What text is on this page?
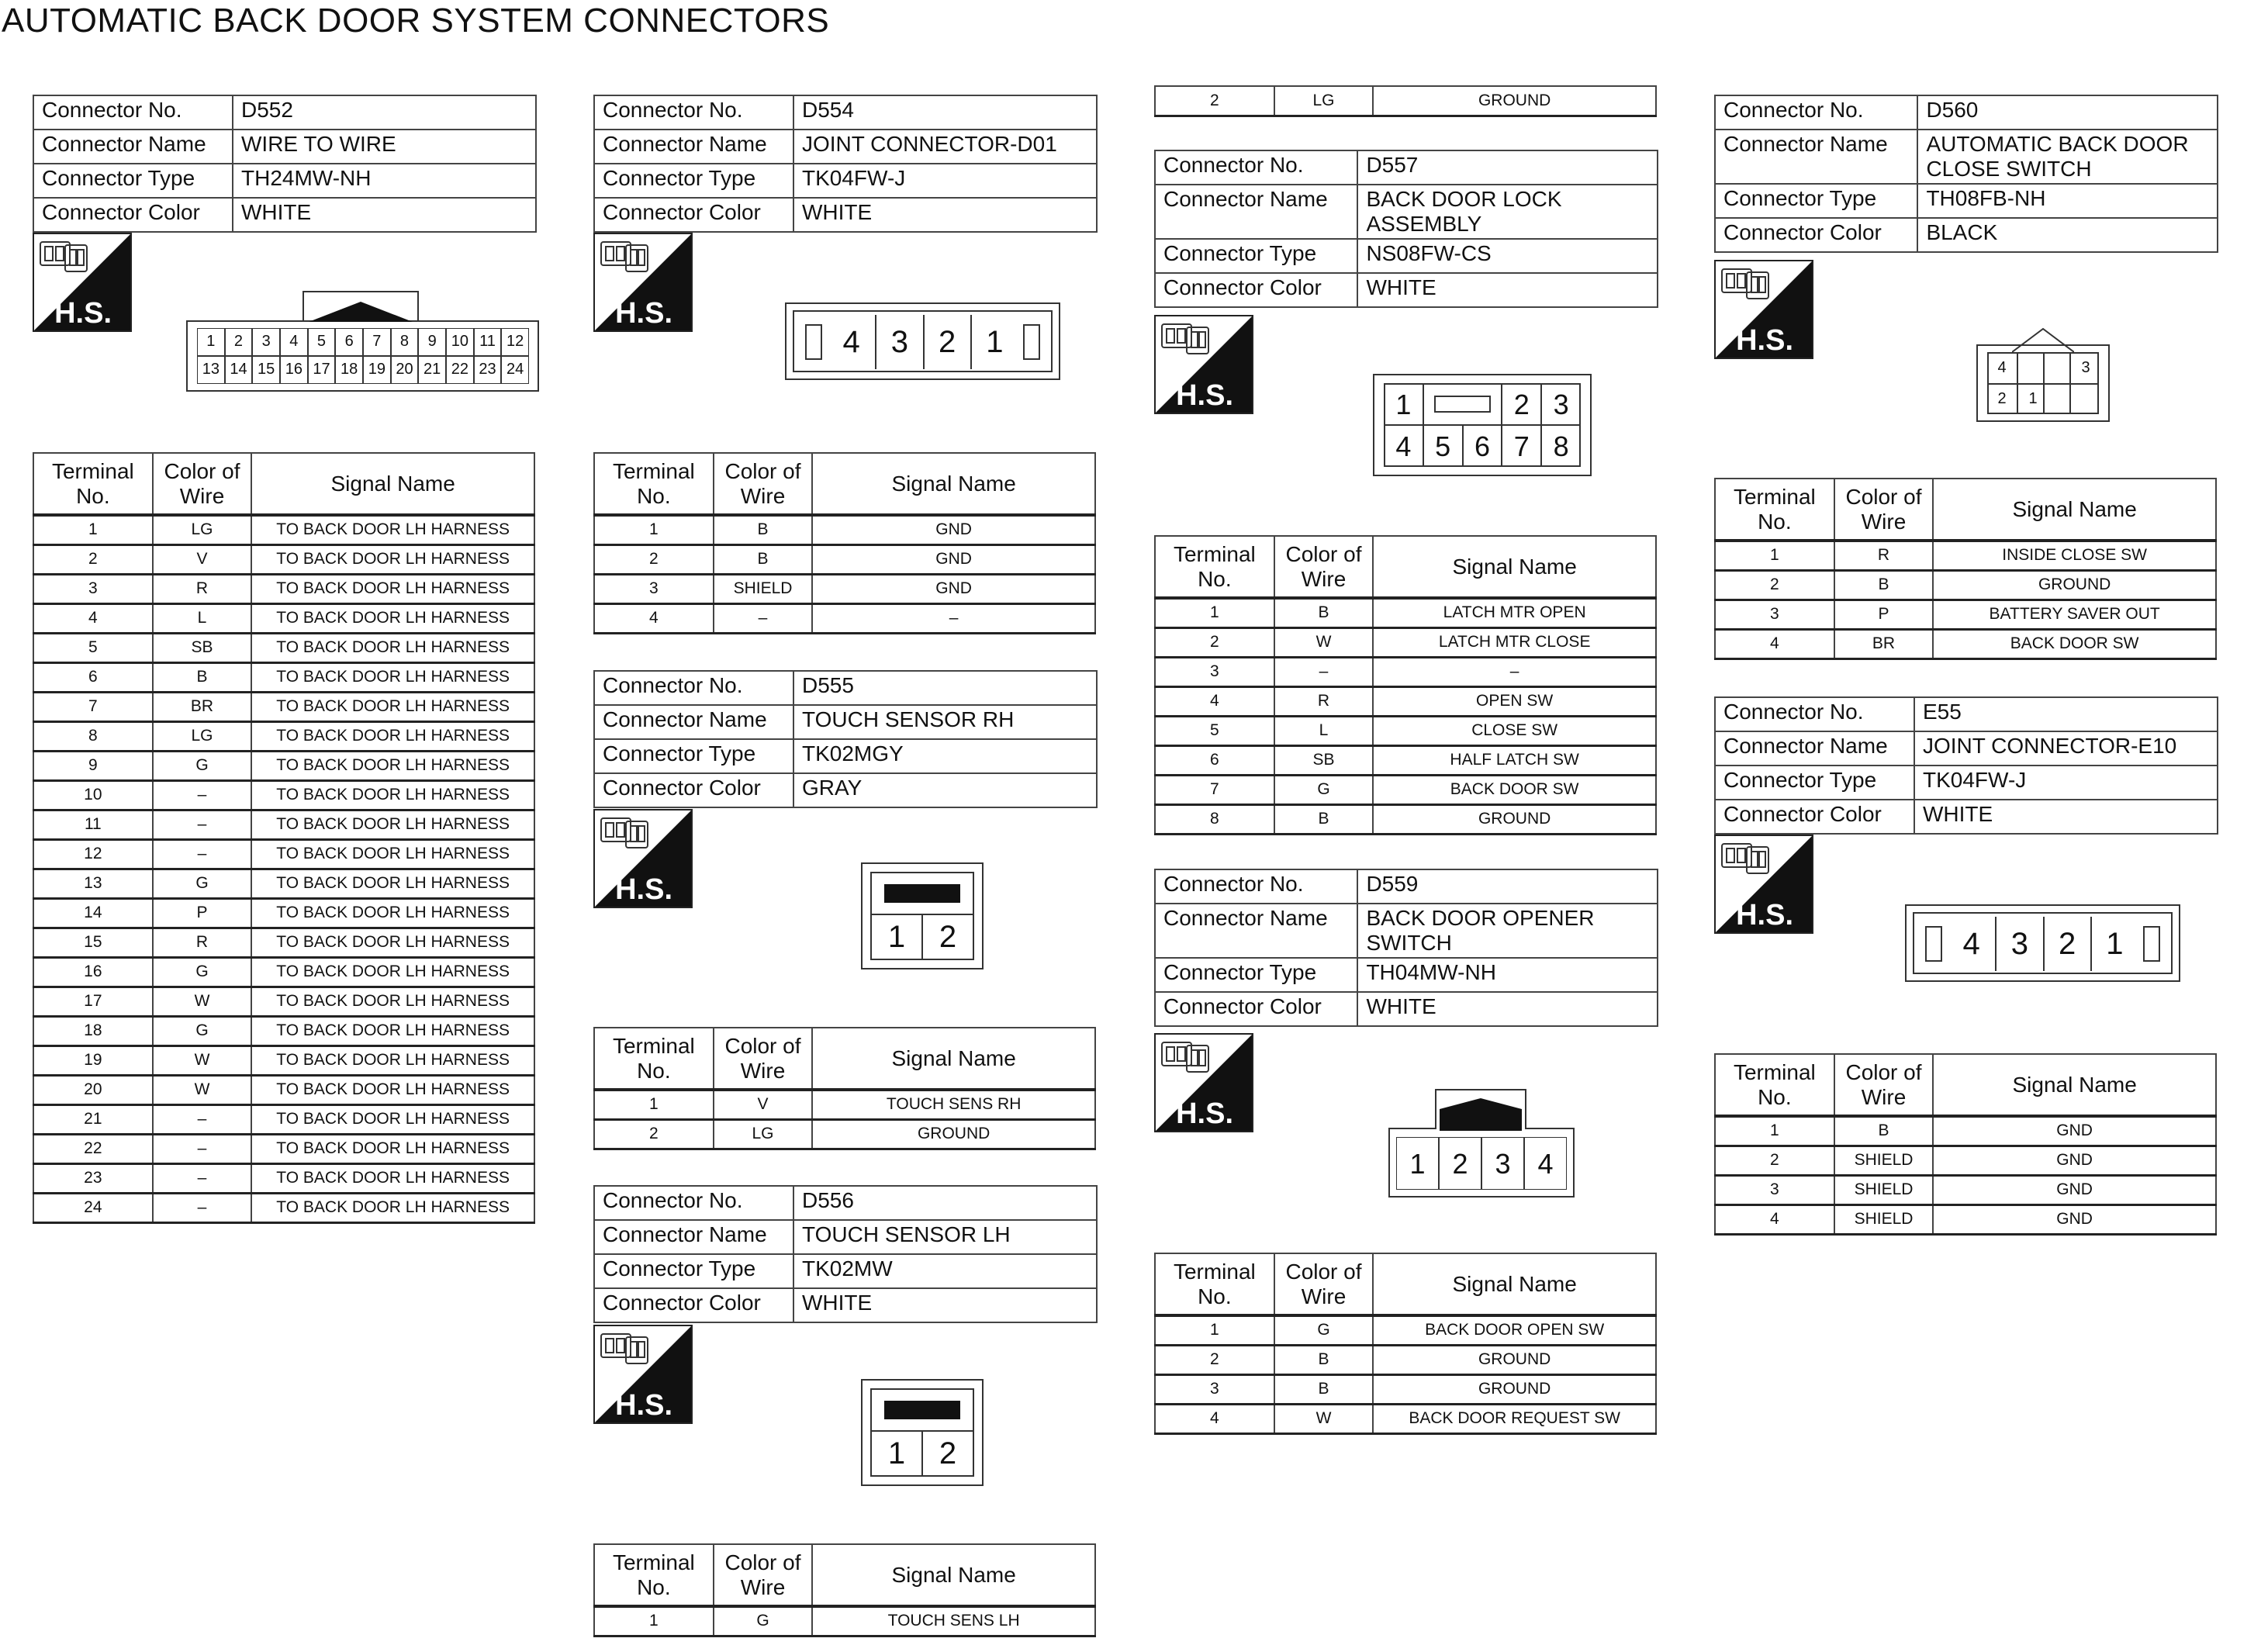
AUTOMATIC BACK DOOR SYSTEM CONNECTORS
Connector No.	D552
Connector Name	WIRE TO WIRE
Connector Type	TH24MW-NH
Connector Color	WHITE
H.S.
1	2	3	4	5	6	7	8	9 10 11 12
13 14 15 16 17 18 19 20 21 22 23 24
Terminal No.	Color of Wire	Signal Name
1	LG	TO BACK DOOR LH HARNESS
2	V	TO BACK DOOR LH HARNESS
3	R	TO BACK DOOR LH HARNESS
4	L	TO BACK DOOR LH HARNESS
5	SB	TO BACK DOOR LH HARNESS
6	B	TO BACK DOOR LH HARNESS
7	BR	TO BACK DOOR LH HARNESS
8	LG	TO BACK DOOR LH HARNESS
9	G	TO BACK DOOR LH HARNESS
10	–	TO BACK DOOR LH HARNESS
11	–	TO BACK DOOR LH HARNESS
12	–	TO BACK DOOR LH HARNESS
13	G	TO BACK DOOR LH HARNESS
14	P	TO BACK DOOR LH HARNESS
15	R	TO BACK DOOR LH HARNESS
16	G	TO BACK DOOR LH HARNESS
17	W	TO BACK DOOR LH HARNESS
18	G	TO BACK DOOR LH HARNESS
19	W	TO BACK DOOR LH HARNESS
20	W	TO BACK DOOR LH HARNESS
21	–	TO BACK DOOR LH HARNESS
22	–	TO BACK DOOR LH HARNESS
23	–	TO BACK DOOR LH HARNESS
24	–	TO BACK DOOR LH HARNESS
Connector No.	D554
Connector Name	JOINT CONNECTOR-D01
Connector Type	TK04FW-J
Connector Color	WHITE
H.S.
4	3 2 1
Terminal No.	Color of Wire	Signal Name
1	B	GND
2	B	GND
3	SHIELD	GND
4	–	–
Connector No.	D555
Connector Name	TOUCH SENSOR RH
Connector Type	TK02MGY
Connector Color	GRAY
H.S.
1	2
Terminal No.	Color of Wire	Signal Name
1	V	TOUCH SENS RH
2	LG	GROUND
Connector No.	D556
Connector Name	TOUCH SENSOR LH
Connector Type	TK02MW
Connector Color	WHITE
H.S.
1	2
Terminal No.	Color of Wire	Signal Name
1	G	TOUCH SENS LH
2	LG	GROUND
Connector No.	D557
Connector Name	BACK DOOR LOCK ASSEMBLY
Connector Type	NS08FW-CS
Connector Color	WHITE
H.S.	1	2 3
4 5 6 7 8
Terminal No.	Color of Wire	Signal Name
1	B	LATCH MTR OPEN
2	W	LATCH MTR CLOSE
3	–	–
4	R	OPEN SW
5	L	CLOSE SW
6	SB	HALF LATCH SW
7	G	BACK DOOR SW
8	B	GROUND
Connector No.	D559
Connector Name	BACK DOOR OPENER SWITCH
Connector Type	TH04MW-NH
Connector Color	WHITE
H.S.
1 2 3 4
Terminal No.	Color of Wire	Signal Name
1	G	BACK DOOR OPEN SW
2	B	GROUND
3	B	GROUND
4	W	BACK DOOR REQUEST SW
Connector No.	D560
Connector Name	AUTOMATIC BACK DOOR CLOSE SWITCH
Connector Type	TH08FB-NH
Connector Color	BLACK
H.S.
4	3
2	1
Terminal No.	Color of Wire	Signal Name
1	R	INSIDE CLOSE SW
2	B	GROUND
3	P	BATTERY SAVER OUT
4	BR	BACK DOOR SW
Connector No.	E55
Connector Name	JOINT CONNECTOR-E10
Connector Type	TK04FW-J
Connector Color	WHITE
H.S.
4	3 2 1
Terminal No.	Color of Wire	Signal Name
1	B	GND
2	SHIELD	GND
3	SHIELD	GND
4	SHIELD	GND
